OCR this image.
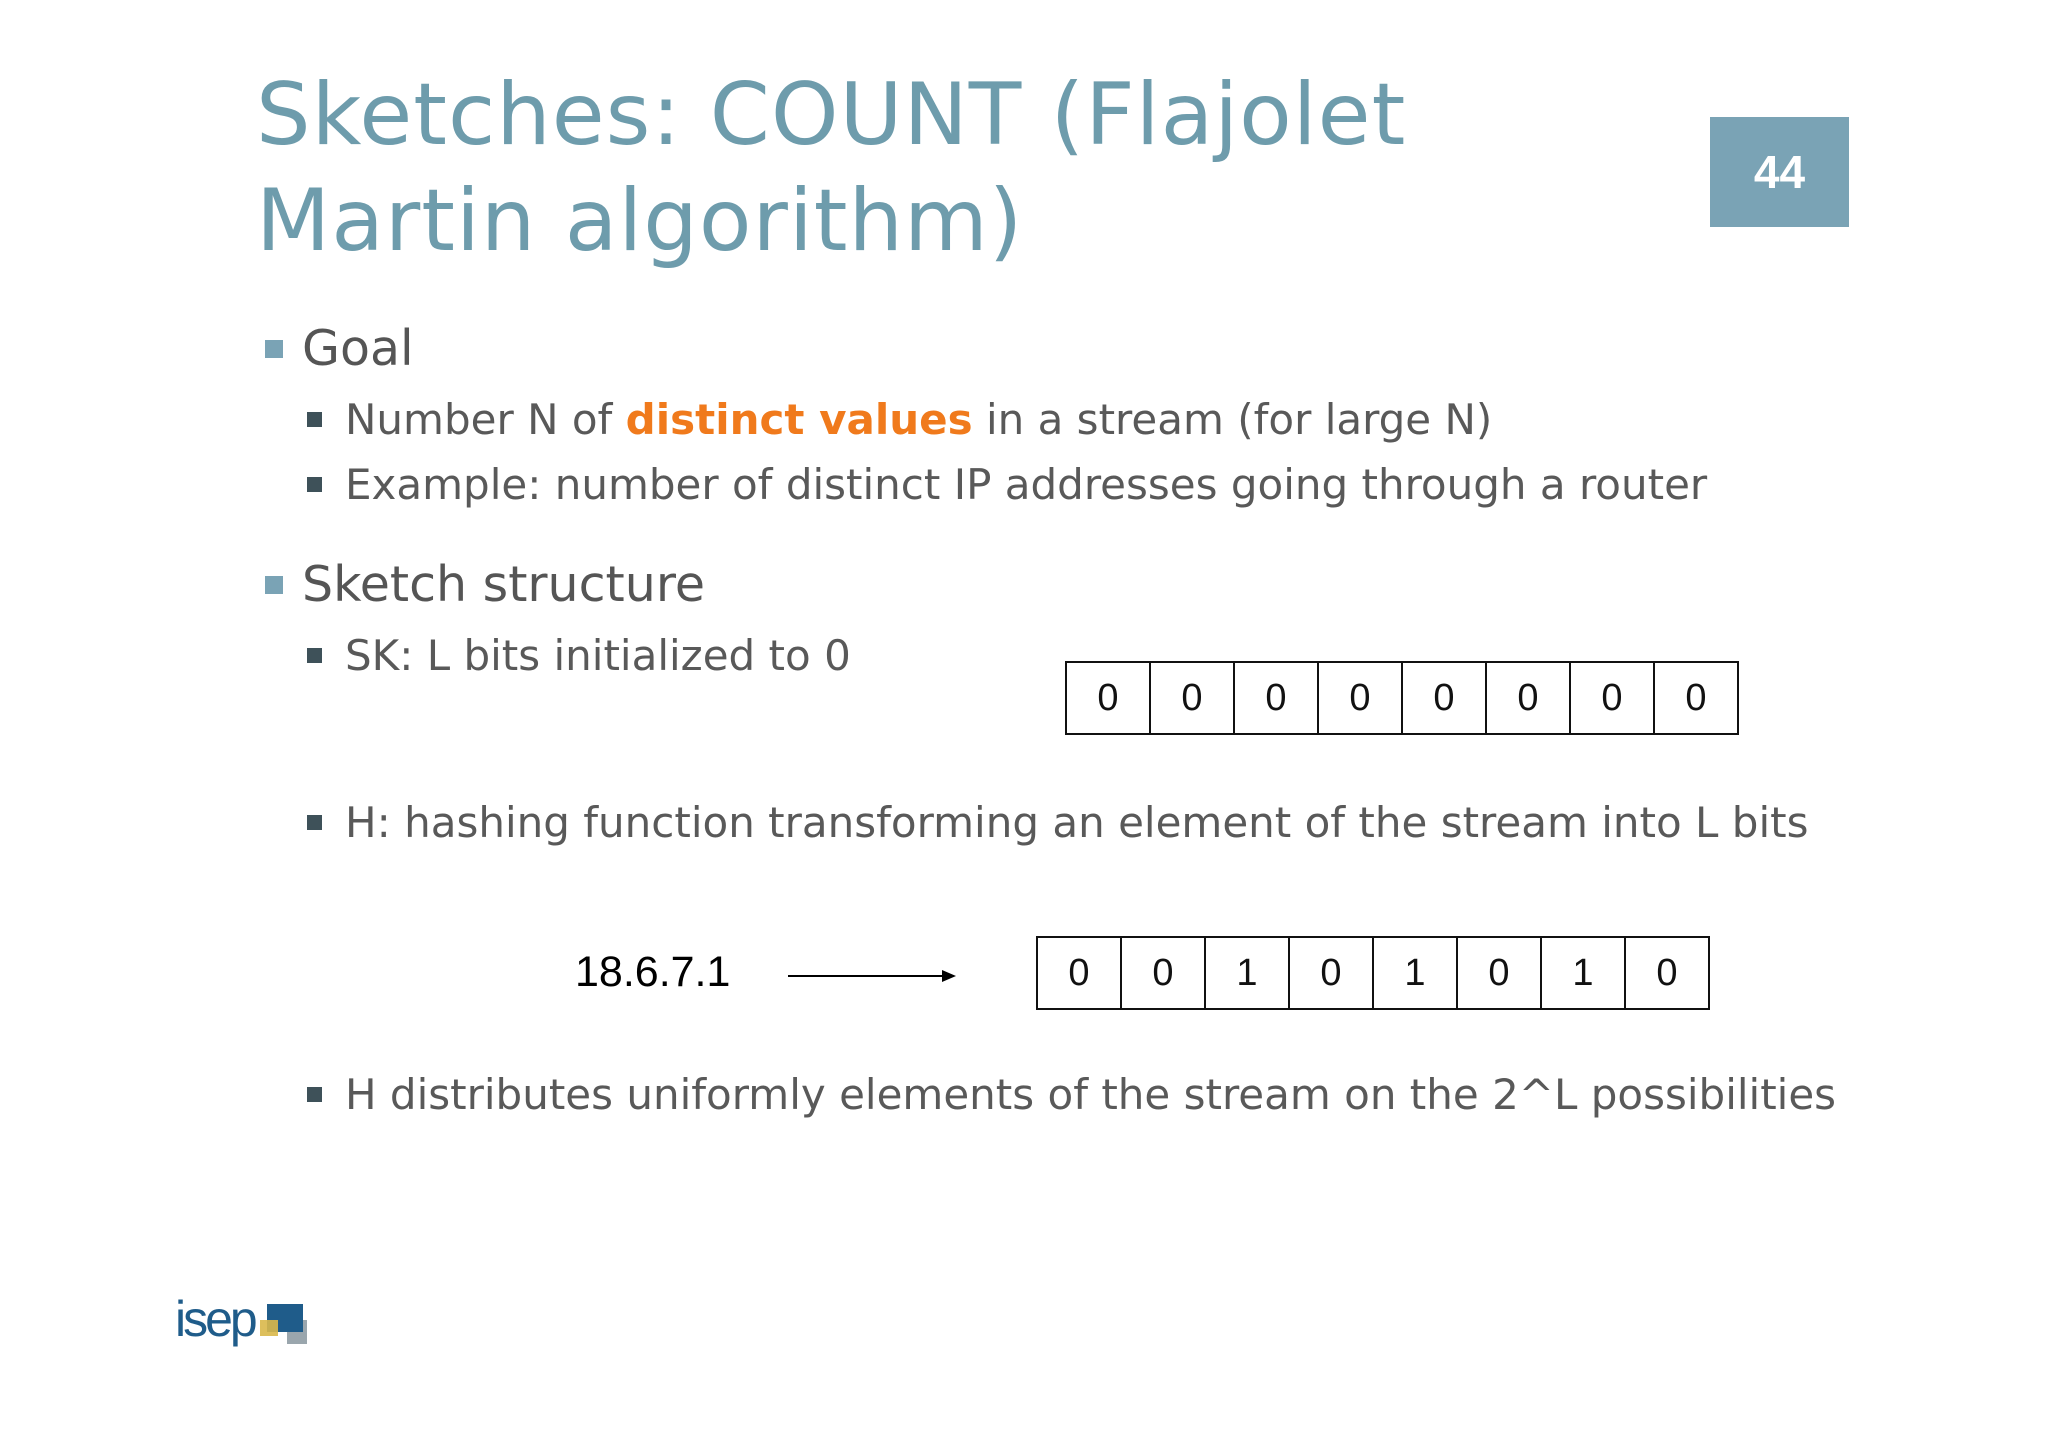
Sketches: COUNT (Flajolet
Martin algorithm)	44
Goal
Number N of distinct values in a stream (for large N)
Example: number of distinct IP addresses going through a router
Sketch structure
SK: L bits initialized to 0
0	0	0	0	0	0	0	0
H: hashing function transforming an element of the stream into L bits
18.6.7.1	0	0	1	0	1	0	1	0
H distributes uniformly elements of the stream on the 2^L possibilities
isep
